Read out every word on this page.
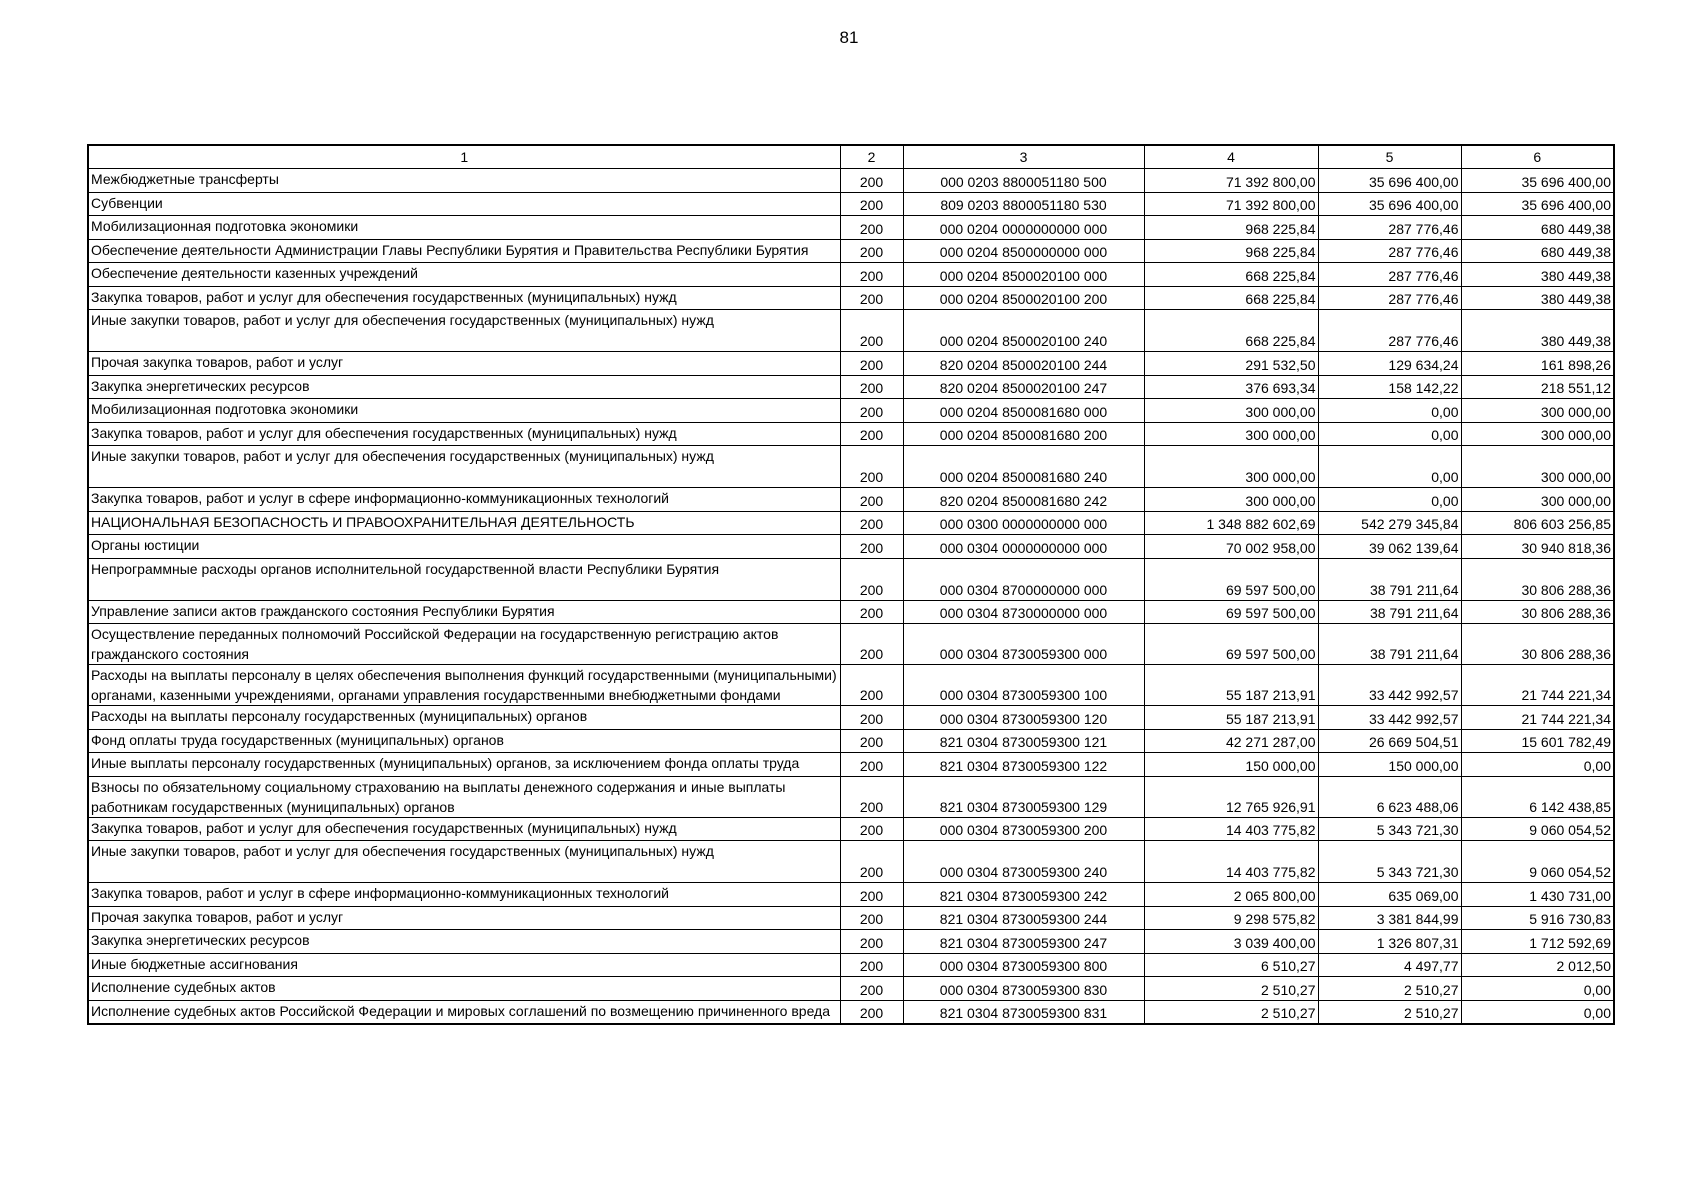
81
1	2	3	4	5	6
Межбюджетные трансферты	200	000 0203 8800051180 500	71 392 800,00	35 696 400,00	35 696 400,00
Субвенции	200	809 0203 8800051180 530	71 392 800,00	35 696 400,00	35 696 400,00
Мобилизационная подготовка экономики	200	000 0204 0000000000 000	968 225,84	287 776,46	680 449,38
Обеспечение деятельности Администрации Главы Республики Бурятия и Правительства Республики Бурятия	200	000 0204 8500000000 000	968 225,84	287 776,46	680 449,38
Обеспечение деятельности казенных учреждений	200	000 0204 8500020100 000	668 225,84	287 776,46	380 449,38
Закупка товаров, работ и услуг для обеспечения государственных (муниципальных) нужд	200	000 0204 8500020100 200	668 225,84	287 776,46	380 449,38
Иные закупки товаров, работ и услуг для обеспечения государственных (муниципальных) нужд	200	000 0204 8500020100 240	668 225,84	287 776,46	380 449,38
Прочая закупка товаров, работ и услуг	200	820 0204 8500020100 244	291 532,50	129 634,24	161 898,26
Закупка энергетических ресурсов	200	820 0204 8500020100 247	376 693,34	158 142,22	218 551,12
Мобилизационная подготовка экономики	200	000 0204 8500081680 000	300 000,00	0,00	300 000,00
Закупка товаров, работ и услуг для обеспечения государственных (муниципальных) нужд	200	000 0204 8500081680 200	300 000,00	0,00	300 000,00
Иные закупки товаров, работ и услуг для обеспечения государственных (муниципальных) нужд	200	000 0204 8500081680 240	300 000,00	0,00	300 000,00
Закупка товаров, работ и услуг в сфере информационно-коммуникационных технологий	200	820 0204 8500081680 242	300 000,00	0,00	300 000,00
НАЦИОНАЛЬНАЯ БЕЗОПАСНОСТЬ И ПРАВООХРАНИТЕЛЬНАЯ ДЕЯТЕЛЬНОСТЬ	200	000 0300 0000000000 000	1 348 882 602,69	542 279 345,84	806 603 256,85
Органы юстиции	200	000 0304 0000000000 000	70 002 958,00	39 062 139,64	30 940 818,36
Непрограммные расходы органов исполнительной государственной власти Республики Бурятия	200	000 0304 8700000000 000	69 597 500,00	38 791 211,64	30 806 288,36
Управление записи актов гражданского состояния Республики Бурятия	200	000 0304 8730000000 000	69 597 500,00	38 791 211,64	30 806 288,36
Осуществление переданных полномочий Российской Федерации на государственную регистрацию актов гражданского состояния	200	000 0304 8730059300 000	69 597 500,00	38 791 211,64	30 806 288,36
Расходы на выплаты персоналу в целях обеспечения выполнения функций государственными (муниципальными) органами, казенными учреждениями, органами управления государственными внебюджетными фондами	200	000 0304 8730059300 100	55 187 213,91	33 442 992,57	21 744 221,34
Расходы на выплаты персоналу государственных (муниципальных) органов	200	000 0304 8730059300 120	55 187 213,91	33 442 992,57	21 744 221,34
Фонд оплаты труда государственных (муниципальных) органов	200	821 0304 8730059300 121	42 271 287,00	26 669 504,51	15 601 782,49
Иные выплаты персоналу государственных (муниципальных) органов, за исключением фонда оплаты труда	200	821 0304 8730059300 122	150 000,00	150 000,00	0,00
Взносы по обязательному социальному страхованию на выплаты денежного содержания и иные выплаты работникам государственных (муниципальных) органов	200	821 0304 8730059300 129	12 765 926,91	6 623 488,06	6 142 438,85
Закупка товаров, работ и услуг для обеспечения государственных (муниципальных) нужд	200	000 0304 8730059300 200	14 403 775,82	5 343 721,30	9 060 054,52
Иные закупки товаров, работ и услуг для обеспечения государственных (муниципальных) нужд	200	000 0304 8730059300 240	14 403 775,82	5 343 721,30	9 060 054,52
Закупка товаров, работ и услуг в сфере информационно-коммуникационных технологий	200	821 0304 8730059300 242	2 065 800,00	635 069,00	1 430 731,00
Прочая закупка товаров, работ и услуг	200	821 0304 8730059300 244	9 298 575,82	3 381 844,99	5 916 730,83
Закупка энергетических ресурсов	200	821 0304 8730059300 247	3 039 400,00	1 326 807,31	1 712 592,69
Иные бюджетные ассигнования	200	000 0304 8730059300 800	6 510,27	4 497,77	2 012,50
Исполнение судебных актов	200	000 0304 8730059300 830	2 510,27	2 510,27	0,00
Исполнение судебных актов Российской Федерации и мировых соглашений по возмещению причиненного вреда	200	821 0304 8730059300 831	2 510,27	2 510,27	0,00
